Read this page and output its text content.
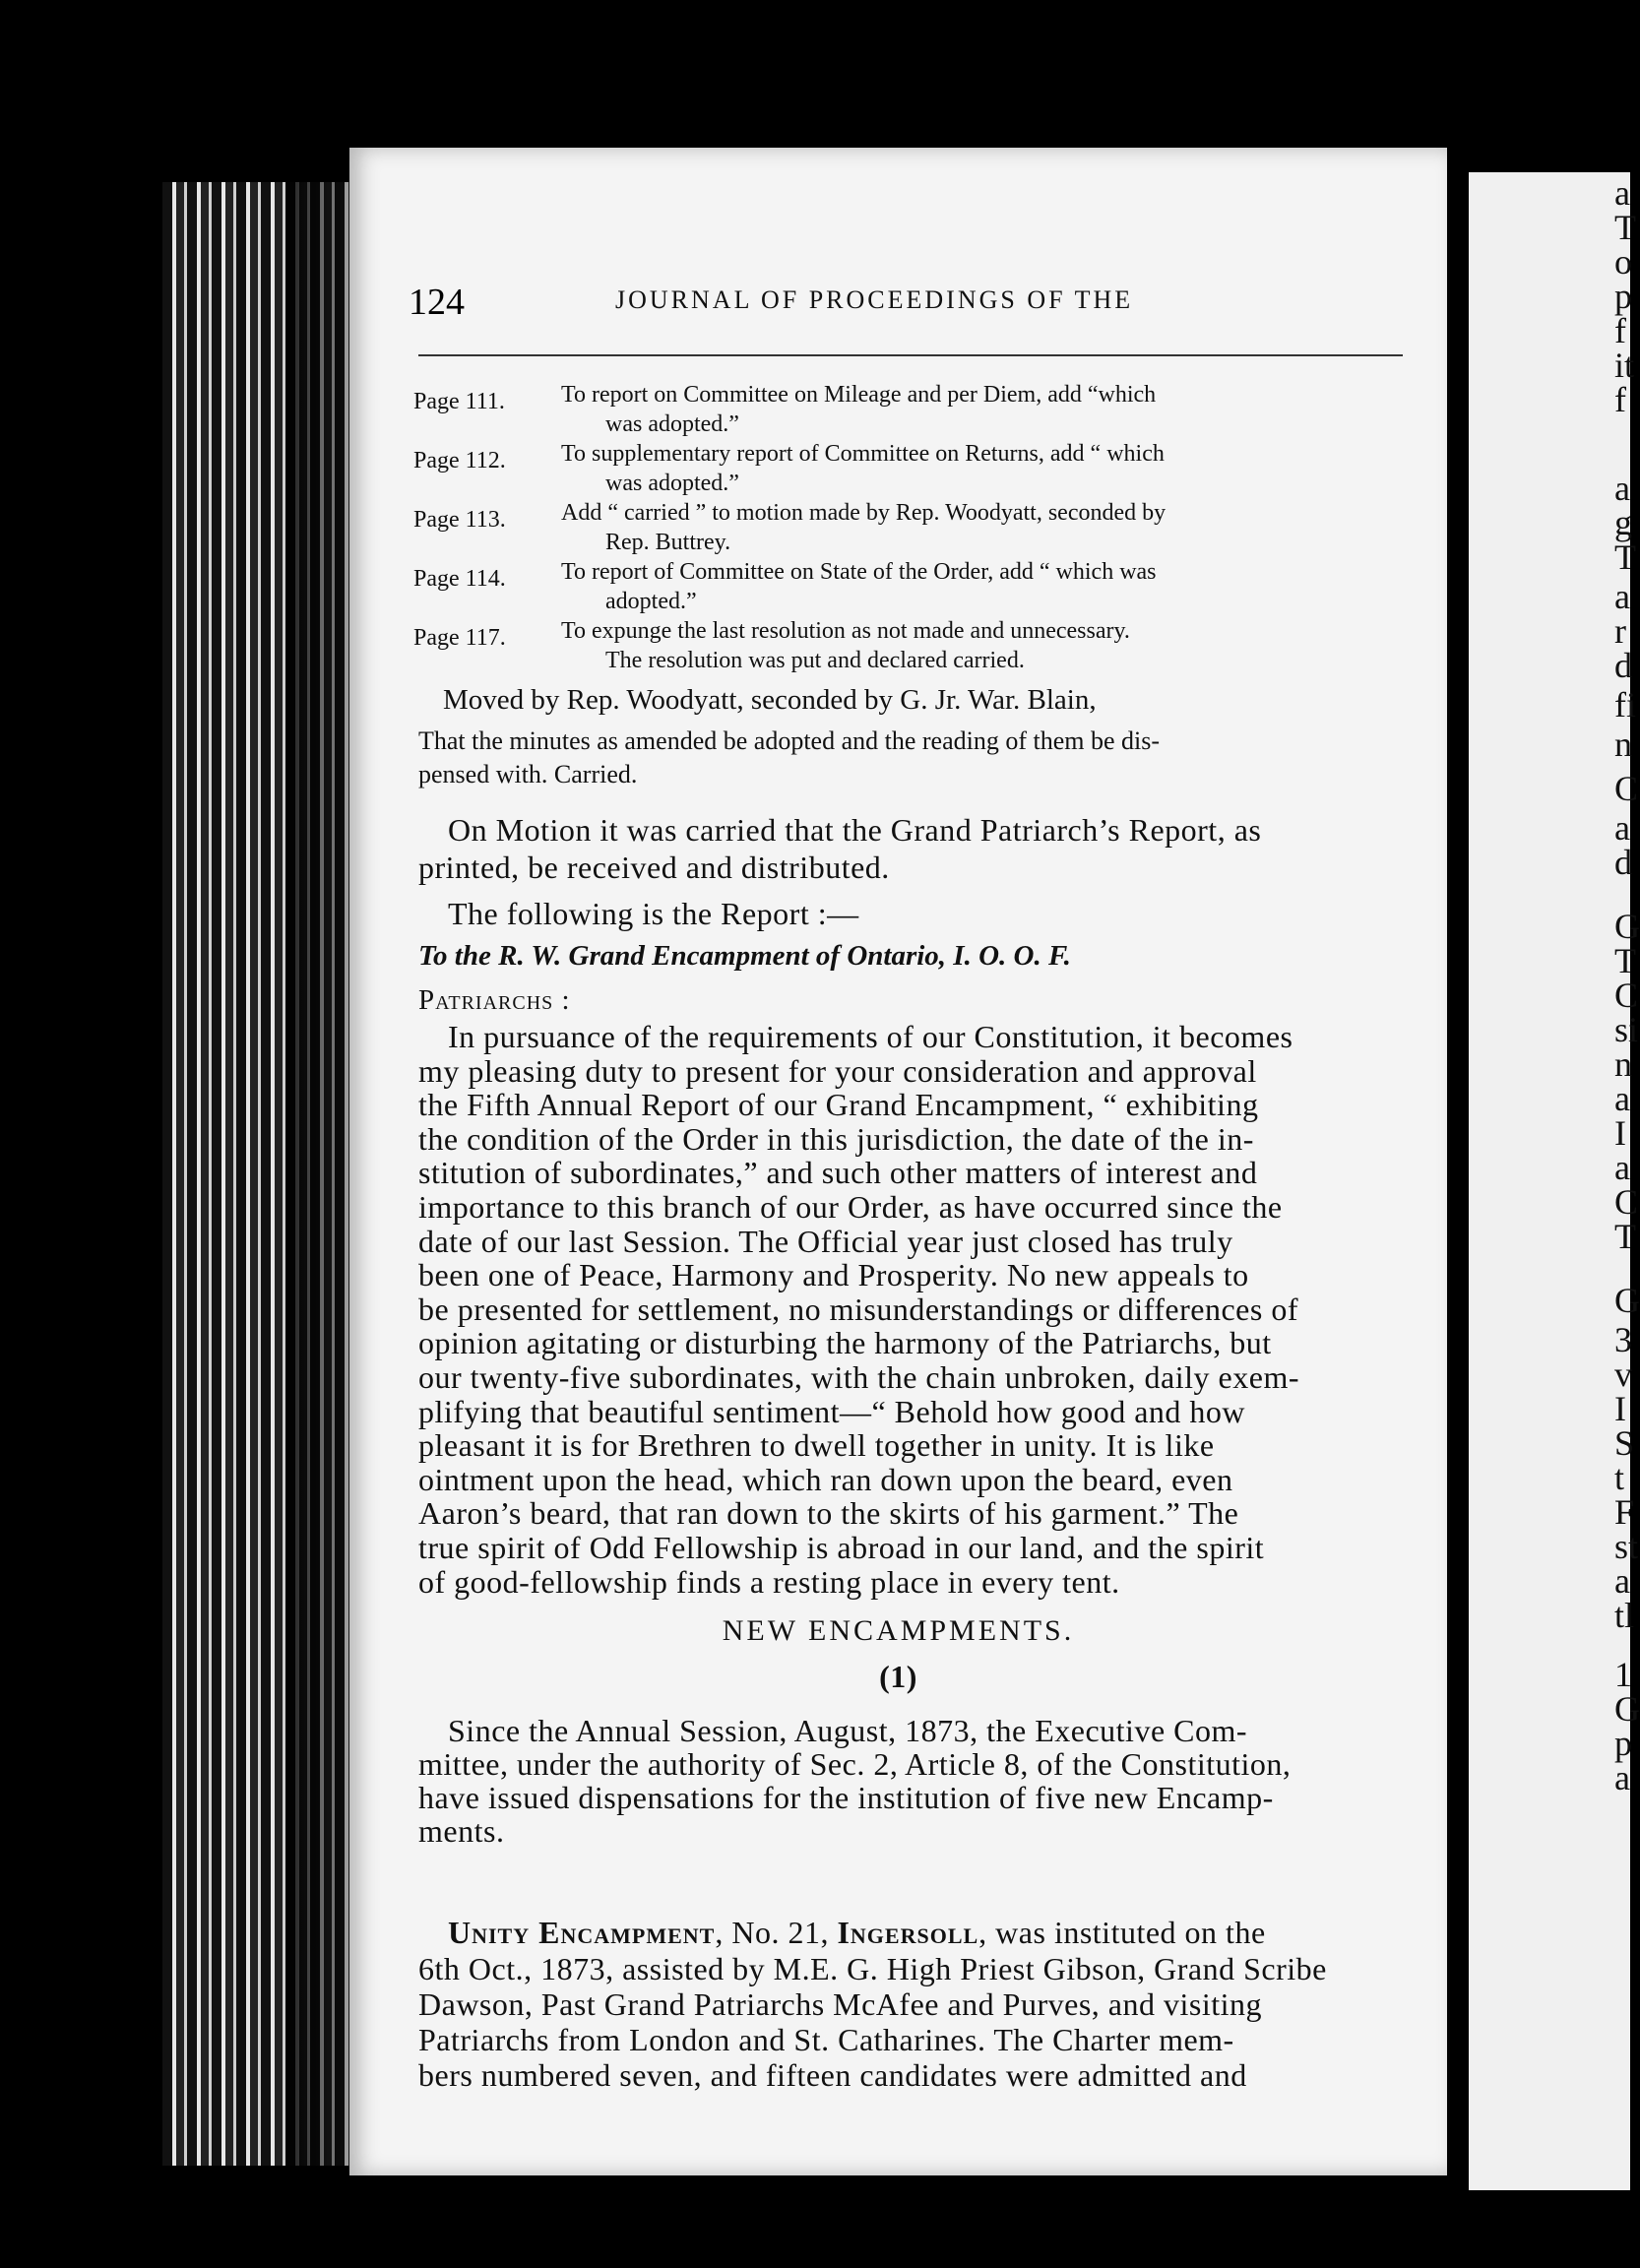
a
T
o
p
f
it
f
a
g
T
a
r
d
fi
n
C
a
d
G
T
C
si
n
a
I
a
C
T
G
3
v
I
S
t
F
st
a
tl
1
G
p
a
124	JOURNAL OF PROCEEDINGS OF THE
Page 111. To report on Committee on Mileage and per Diem, add “which
was adopted.”
Page 112. To supplementary report of Committee on Returns, add “ which
was adopted.”
Page 113. Add “ carried ” to motion made by Rep. Woodyatt, seconded by
Rep. Buttrey.
Page 114. To report of Committee on State of the Order, add “ which was
adopted.”
Page 117. To expunge the last resolution as not made and unnecessary.
The resolution was put and declared carried.
Moved by Rep. Woodyatt, seconded by G. Jr. War. Blain,
That the minutes as amended be adopted and the reading of them be dis-
pensed with. Carried.
On Motion it was carried that the Grand Patriarch’s Report, as
printed, be received and distributed.
The following is the Report :—
To the R. W. Grand Encampment of Ontario, I. O. O. F.
Patriarchs :
In pursuance of the requirements of our Constitution, it becomes
my pleasing duty to present for your consideration and approval
the Fifth Annual Report of our Grand Encampment, “ exhibiting
the condition of the Order in this jurisdiction, the date of the in-
stitution of subordinates,” and such other matters of interest and
importance to this branch of our Order, as have occurred since the
date of our last Session. The Official year just closed has truly
been one of Peace, Harmony and Prosperity. No new appeals to
be presented for settlement, no misunderstandings or differences of
opinion agitating or disturbing the harmony of the Patriarchs, but
our twenty-five subordinates, with the chain unbroken, daily exem-
plifying that beautiful sentiment—“ Behold how good and how
pleasant it is for Brethren to dwell together in unity. It is like
ointment upon the head, which ran down upon the beard, even
Aaron’s beard, that ran down to the skirts of his garment.” The
true spirit of Odd Fellowship is abroad in our land, and the spirit
of good-fellowship finds a resting place in every tent.
NEW ENCAMPMENTS.
(1)
Since the Annual Session, August, 1873, the Executive Com-
mittee, under the authority of Sec. 2, Article 8, of the Constitution,
have issued dispensations for the institution of five new Encamp-
ments.
Unity Encampment, No. 21, Ingersoll, was instituted on the
6th Oct., 1873, assisted by M.E. G. High Priest Gibson, Grand Scribe
Dawson, Past Grand Patriarchs McAfee and Purves, and visiting
Patriarchs from London and St. Catharines. The Charter mem-
bers numbered seven, and fifteen candidates were admitted and
